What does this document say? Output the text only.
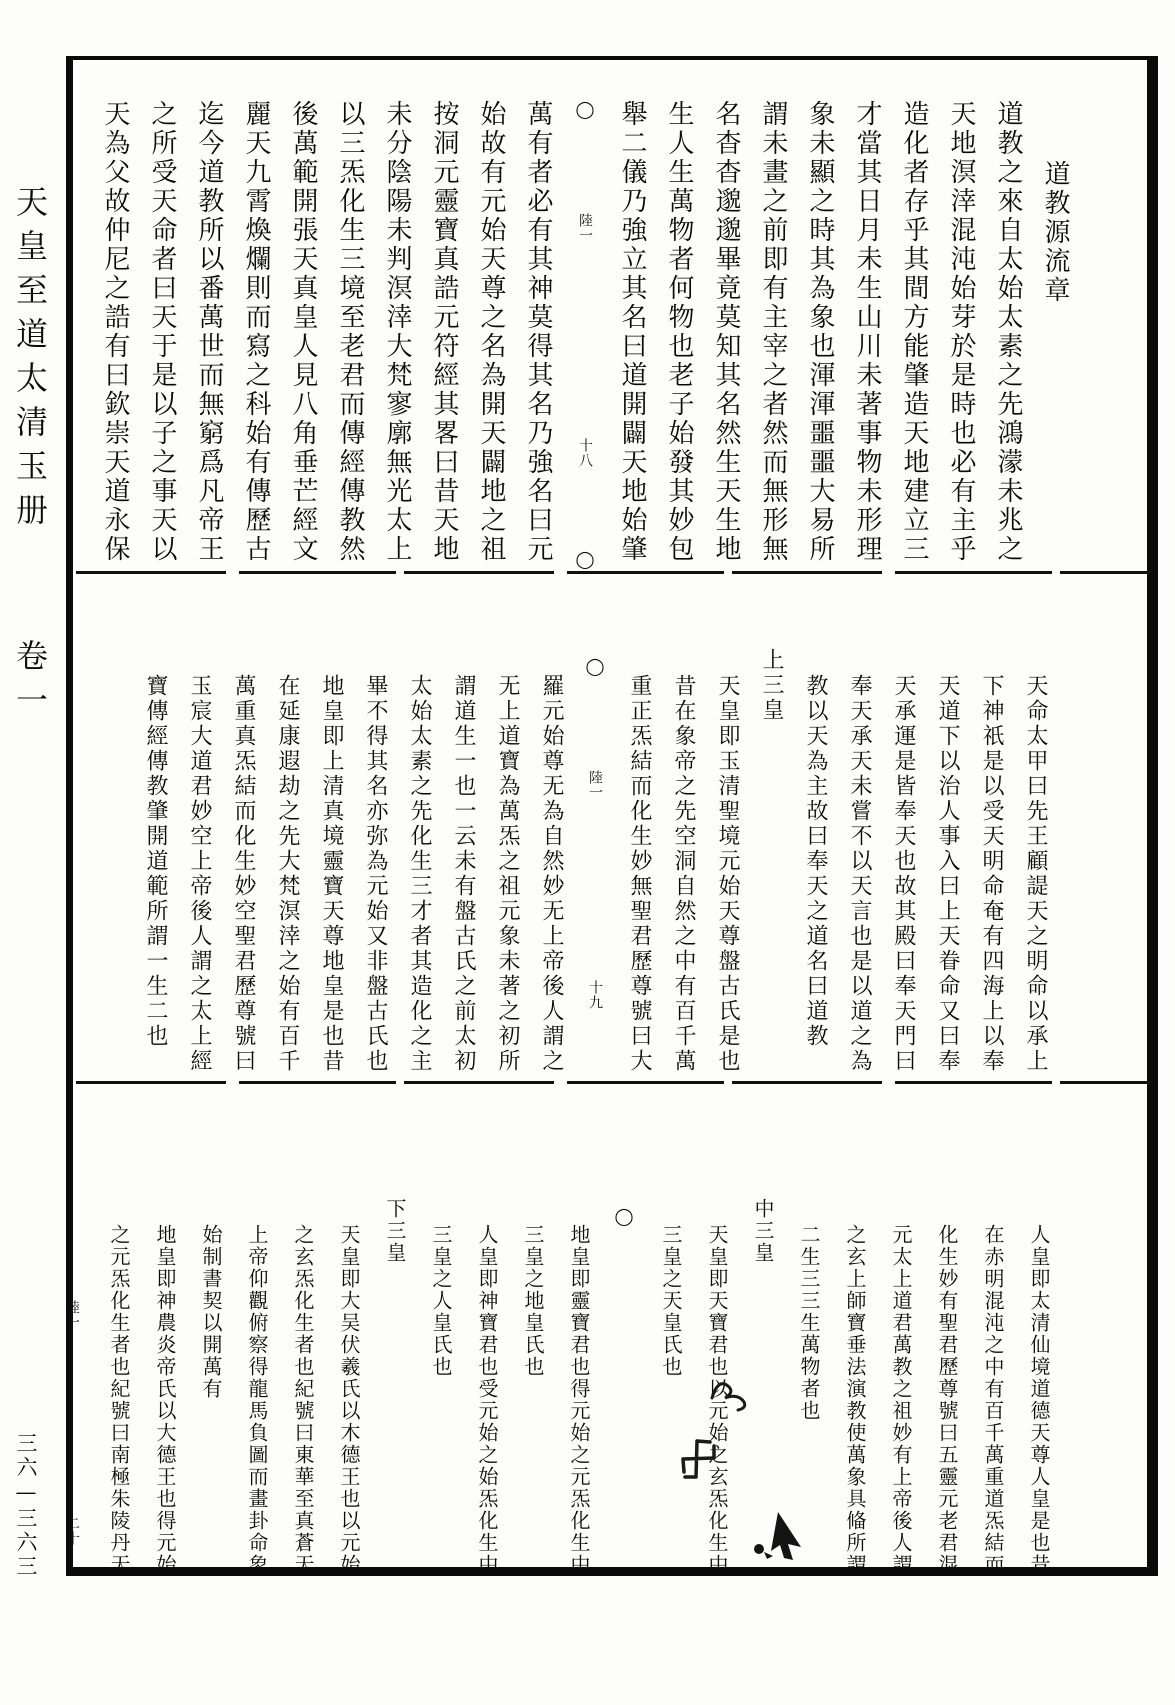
天皇至道太清玉册 卷一
三六—三六三
道教源流章
道教之來自太始太素之先鴻濛未兆之
天地溟涬混沌始芽於是時也必有主乎
造化者存乎其間方能肇造天地建立三
才當其日月未生山川未著事物未形理
象未顯之時其為象也渾渾噩噩大易所
謂未畫之前即有主宰之者然而無形無
名杳杳邈邈畢竟莫知其名然生天生地
生人生萬物者何物也老子始發其妙包
舉二儀乃強立其名曰道開闢天地始肇
◯
陸一
十八
◯
萬有者必有其神莫得其名乃強名曰元
始故有元始天尊之名為開天闢地之祖
按洞元靈寶真誥元符經其畧曰昔天地
未分陰陽未判溟涬大梵寥廓無光太上
以三炁化生三境至老君而傳經傳教然
後萬範開張天真皇人見八角垂芒經文
麗天九霄煥爛則而寫之科始有傳歷古
迄今道教所以番萬世而無窮爲凡帝王
之所受天命者曰天于是以子之事天以
天為父故仲尼之誥有曰欽崇天道永保
天命太甲曰先王顧諟天之明命以承上
下神祇是以受天明命奄有四海上以奉
天道下以治人事入曰上天眷命又曰奉
天承運是皆奉天也故其殿曰奉天門曰
奉天承天未嘗不以天言也是以道之為
教以天為主故曰奉天之道名曰道教
上三皇
天皇即玉清聖境元始天尊盤古氏是也
昔在象帝之先空洞自然之中有百千萬
重正炁結而化生妙無聖君歷尊號曰大
◯
陸一
十九
羅元始尊无為自然妙无上帝後人謂之
无上道寶為萬炁之祖元象未著之初所
謂道生一也一云未有盤古氏之前太初
太始太素之先化生三才者其造化之主
畢不得其名亦弥為元始又非盤古氏也
地皇即上清真境靈寶天尊地皇是也昔
在延康遐劫之先大梵溟涬之始有百千
萬重真炁結而化生妙空聖君歷尊號曰
玉宸大道君妙空上帝後人謂之太上經
寶傳經傳教肇開道範所謂一生二也
人皇即太清仙境道德天尊人皇是也昔
在赤明混沌之中有百千萬重道炁結而
化生妙有聖君歷尊號曰五靈元老君混
元太上道君萬教之祖妙有上帝後人謂
之玄上師寶垂法演教使萬象具偹所謂
二生三三生萬物者也
中三皇
天皇即天寶君也以元始之玄炁化生中
三皇之天皇氏也
◯
地皇即靈寶君也得元始之元炁化生中
三皇之地皇氏也
人皇即神寶君也受元始之始炁化生中
三皇之人皇氏也
下三皇
天皇即大吴伏羲氏以木德王也以元始
之玄炁化生者也紀號曰東華至真蒼天
上帝仰觀俯察得龍馬負圖而畫卦命象
始制書契以開萬有
地皇即神農炎帝氏以大德王也得元始
之元炁化生者也紀號曰南極朱陵丹天
陸一
二十
